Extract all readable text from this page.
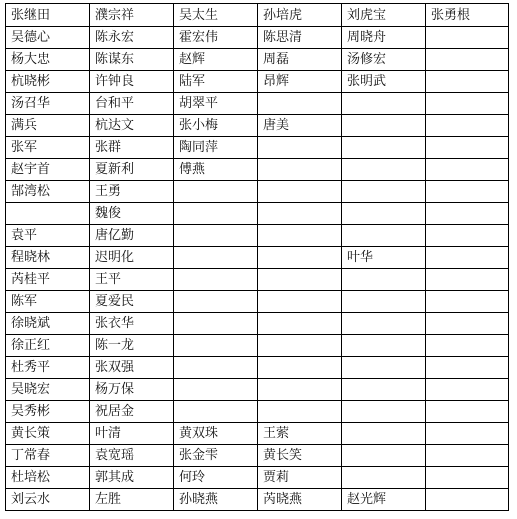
张继田	濮宗祥	吴太生	孙培虎	刘虎宝	张勇根
吴德心	陈永宏	霍宏伟	陈思清	周晓舟	
杨大忠	陈谋东	赵辉	周磊	汤修宏	
杭晓彬	许钟良	陆军	昂辉	张明武	
汤召华	台和平	胡翠平			
满兵	杭达文	张小梅	唐美		
张军	张群	陶同萍			
赵宇首	夏新利	傅燕			
郜湾松	王勇				
	魏俊				
袁平	唐亿勤				
程晓林	迟明化			叶华	
芮桂平	王平				
陈军	夏爱民				
徐晓斌	张衣华				
徐正红	陈一龙				
杜秀平	张双强				
吴晓宏	杨万保				
吴秀彬	祝居金				
黄长策	叶清	黄双珠	王萦		
丁常春	袁宽瑶	张金雫	黄长笑		
杜培松	郭其成	何玲	贾莉		
刘云水	左胜	孙晓燕	芮晓燕	赵光辉	
